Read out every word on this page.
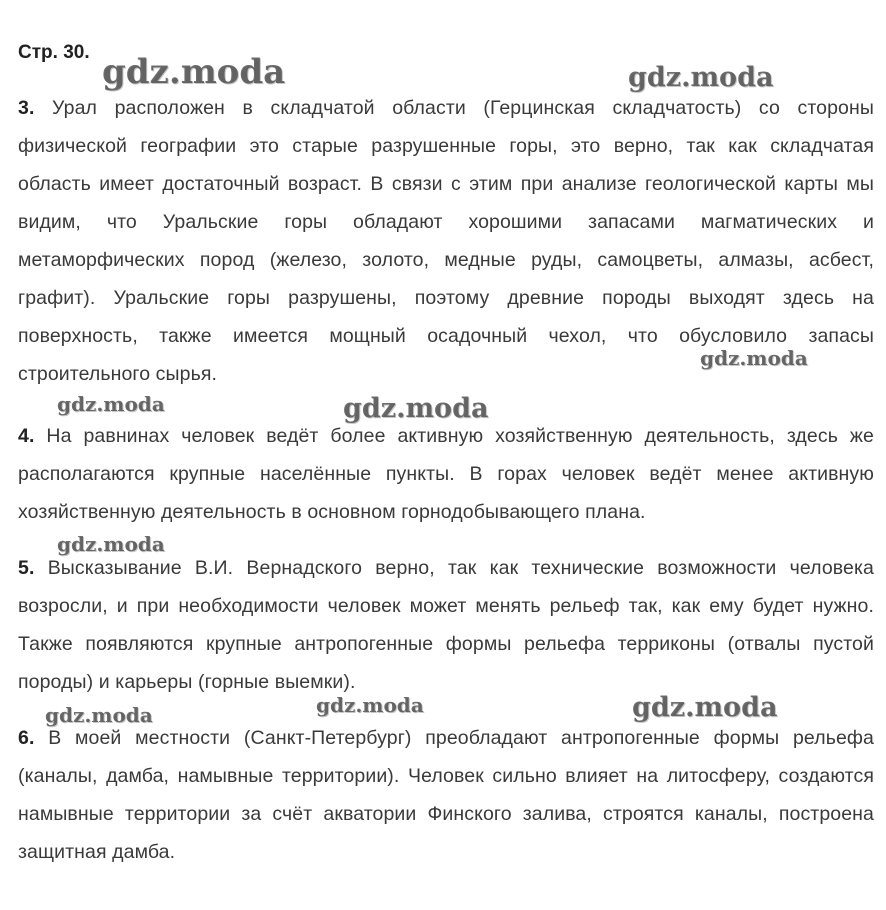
Стр. 30.
3. Урал расположен в складчатой области (Герцинская складчатость) со стороны физической географии это старые разрушенные горы, это верно, так как складчатая область имеет достаточный возраст. В связи с этим при анализе геологической карты мы видим, что Уральские горы обладают хорошими запасами магматических и метаморфических пород (железо, золото, медные руды, самоцветы, алмазы, асбест, графит). Уральские горы разрушены, поэтому древние породы выходят здесь на поверхность, также имеется мощный осадочный чехол, что обусловило запасы строительного сырья.
4. На равнинах человек ведёт более активную хозяйственную деятельность, здесь же располагаются крупные населённые пункты. В горах человек ведёт менее активную хозяйственную деятельность в основном горнодобывающего плана.
5. Высказывание В.И. Вернадского верно, так как технические возможности человека возросли, и при необходимости человек может менять рельеф так, как ему будет нужно. Также появляются крупные антропогенные формы рельефа терриконы (отвалы пустой породы) и карьеры (горные выемки).
6. В моей местности (Санкт-Петербург) преобладают антропогенные формы рельефа (каналы, дамба, намывные территории). Человек сильно влияет на литосферу, создаются намывные территории за счёт акватории Финского залива, строятся каналы, построена защитная дамба.
gdz.moda	gdz.moda
gdz.moda
gdz.moda	gdz.moda
gdz.moda
gdz.moda	gdz.moda	gdz.moda
